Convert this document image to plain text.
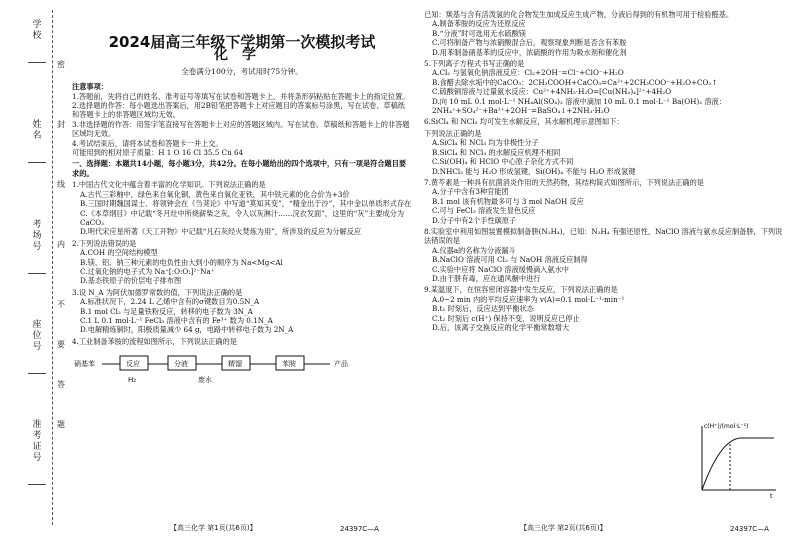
学校
姓名
考场号
座位号
准考证号
密
封
线
内
不
要
答
题
2024届高三年级下学期第一次模拟考试
化学

全卷满分100分，考试用时75分钟。

注意事项：

1.答题前，先将自己的姓名、准考证号等填写在试卷和答题卡上，并将条形码粘贴在答题卡上的指定位置。

2.选择题的作答：每小题选出答案后，用2B铅笔把答题卡上对应题目的答案标号涂黑，写在试卷、草稿纸和答题卡上的非答题区域均无效。

3.非选择题的作答：用签字笔直接写在答题卡上对应的答题区域内。写在试卷、草稿纸和答题卡上的非答题区域均无效。

4.考试结束后，请将本试卷和答题卡一并上交。

可能用到的相对原子质量：H 1 O 16 Cl 35.5 Cu 64

一、选择题：本题共14小题，每小题3分，共42分。在每小题给出的四个选项中，只有一项是符合题目要求的。

1.中国古代文化中蕴含着丰富的化学知识。下列说法正确的是

A.古代三彩釉中，绿色来自氧化铜，黄色来自氧化亚铁，其中铁元素的化合价为+3价

B.三国时期魏国谋士、将领钟会在《刍荛论》中写道“莫知其变”，“精金出于沙”，其中金以单质形式存在

C.《本草纲目》中记载“冬月灶中所烧薪柴之灰，令人以灰淋汁……浣衣发面”，这里的“灰”主要成分为CaCO₃

D.明代宋应星所著《天工开物》中记载“凡石灰经火焚炼为用”，所涉及的反应为分解反应

2.下列说法错误的是

A.COH 的空间结构模型

B.镁、铝、钠三种元素的电负性由大到小的顺序为 Na<Mg<Al

C.过氧化钠的电子式为 Na⁺[:O:O:]²⁻Na⁺

D.基态铁原子的价层电子排布图

3.设 N_A 为阿伏加德罗常数的值，下列说法正确的是

A.标准状况下，2.24 L 乙烯中含有的σ键数目为0.5N_A

B.1 mol Cl₂ 与足量铁粉反应，转移的电子数为 3N_A

C.1 L 0.1 mol·L⁻¹ FeCl₃ 溶液中含有的 Fe³⁺ 数为 0.1N_A

D.电解精炼铜时，阳极质量减少 64 g，电路中转移电子数为 2N_A

4.工业制备苯胺的流程如图所示，下列说法正确的是

硝基苯	反应
H₂
分液
废水
精馏	苯胺	产品

已知：羰基与含有活泼氢的化合物发生加成反应生成产物，分液后得到的有机物可用于检验醛基。

A.制备苯胺的反应为还原反应

B.“分液”时可选用无水硫酸镁

C.可将制备产物与浓硝酸混合后，观察现象判断是否含有苯胺

D.用苯制备硝基苯的反应中，浓硫酸的作用为吸水剂和催化剂

5.下列离子方程式书写正确的是

A.Cl₂ 与氢氧化钠溶液反应：Cl₂+2OH⁻=Cl⁻+ClO⁻+H₂O

B.食醋去除水垢中的CaCO₃：2CH₃COOH+CaCO₃=Ca²⁺+2CH₃COO⁻+H₂O+CO₂↑

C.硫酸铜溶液与过量氨水反应：Cu²⁺+4NH₃·H₂O=[Cu(NH₃)₄]²⁺+4H₂O

D.向 10 mL 0.1 mol·L⁻¹ NH₄Al(SO₄)₂ 溶液中滴加 10 mL 0.1 mol·L⁻¹ Ba(OH)₂ 溶液：2NH₄⁺+SO₄²⁻+Ba²⁺+2OH⁻=BaSO₄↓+2NH₃·H₂O

6.SiCl₄ 和 NCl₃ 均可发生水解反应，其水解机理示意图如下：

下列说法正确的是

A.SiCl₄ 和 NCl₃ 均为非极性分子

B.SiCl₄ 和 NCl₃ 的水解反应机理不相同

C.Si(OH)₄ 和 HClO 中心原子杂化方式不同

D.NHCl₂ 能与 H₂O 形成氢键，Si(OH)₄ 不能与 H₂O 形成氢键

7.黄芩素是一种具有抗菌消炎作用的天然药物，其结构简式如图所示，下列说法正确的是

A.分子中含有3种官能团

B.1 mol 该有机物最多可与 3 mol NaOH 反应

C.可与 FeCl₃ 溶液发生显色反应

D.分子中有2个手性碳原子

8.实验室中利用如图装置模拟制备肼(N₂H₄)，已知：N₂H₄ 有强还原性，NaClO 溶液与氨水反应制备肼，下列说法错误的是

A.仪器a的名称为分液漏斗

B.NaClO 溶液可用 Cl₂ 与 NaOH 溶液反应制得

C.实验中应将 NaClO 溶液缓慢滴入氨水中

D.由于肼有毒，应在通风橱中进行

9.某温度下，在恒容密闭容器中发生反应，下列说法正确的是

A.0~2 min 内的平均反应速率为 v(A)=0.1 mol·L⁻¹·min⁻¹

B.t₁ 时刻后，反应达到平衡状态

C.t₂ 时刻后 c(H⁺) 保持不变，说明反应已停止

D.后，该离子交换反应的化学平衡常数增大

c(H⁺)/(mol·L⁻¹)
t
【高三化学 第1页(共6页)】	24397C—A	【高三化学 第2页(共6页)】	24397C—A
